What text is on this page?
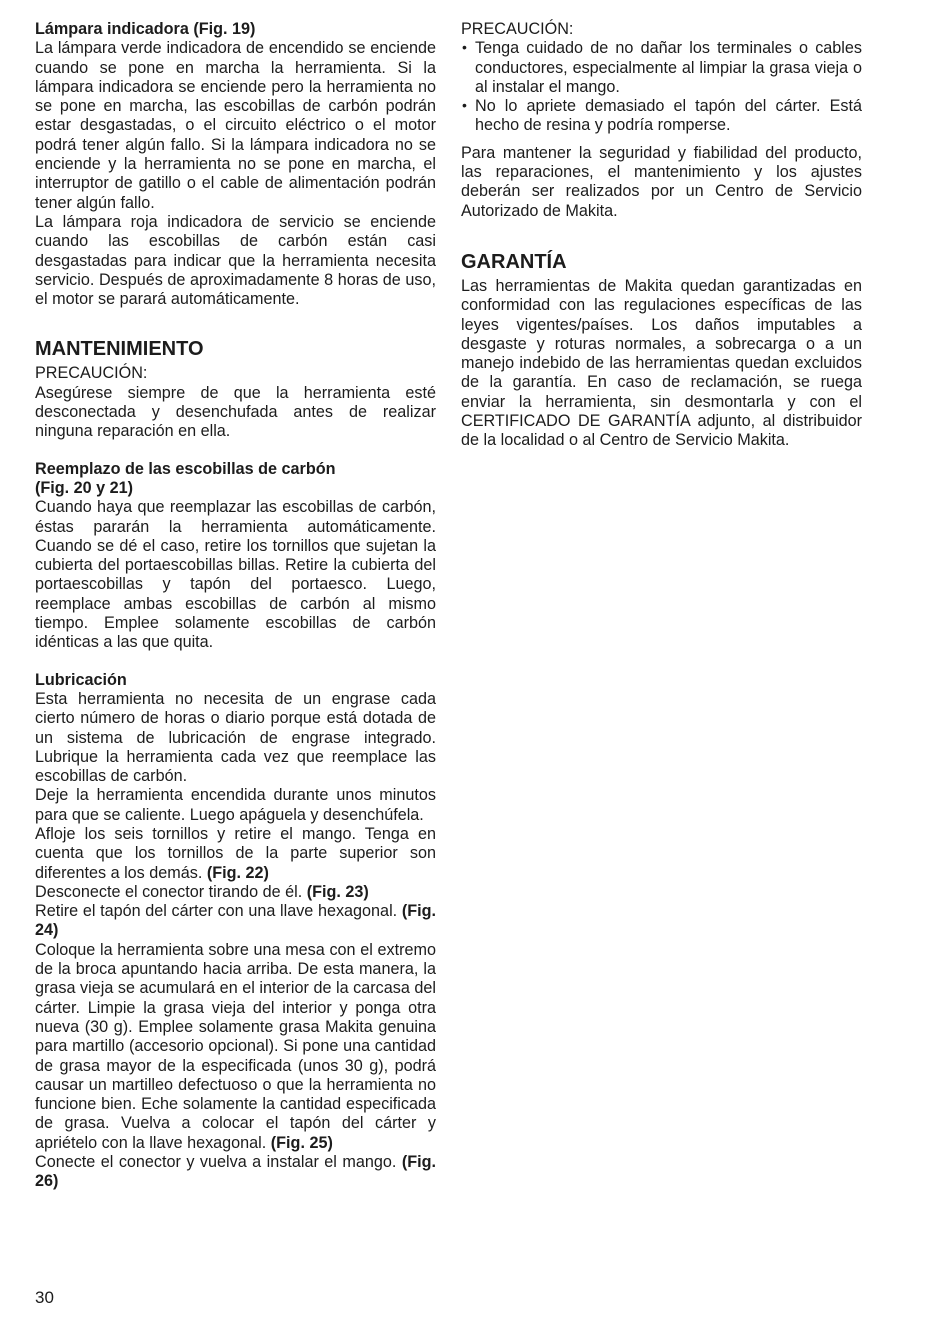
Lámpara indicadora (Fig. 19)

La lámpara verde indicadora de encendido se enciende cuando se pone en marcha la herramienta. Si la lámpara indicadora se enciende pero la herramienta no se pone en marcha, las escobillas de carbón podrán estar desgastadas, o el circuito eléctrico o el motor podrá tener algún fallo. Si la lámpara indicadora no se enciende y la herramienta no se pone en marcha, el interruptor de gatillo o el cable de alimentación podrán tener algún fallo.

La lámpara roja indicadora de servicio se enciende cuando las escobillas de carbón están casi desgastadas para indicar que la herramienta necesita servicio. Después de aproximadamente 8 horas de uso, el motor se parará automáticamente.

MANTENIMIENTO

PRECAUCIÓN:

Asegúrese siempre de que la herramienta esté desconectada y desenchufada antes de realizar ninguna reparación en ella.

Reemplazo de las escobillas de carbón

(Fig. 20 y 21)

Cuando haya que reemplazar las escobillas de carbón, éstas pararán la herramienta automáticamente. Cuando se dé el caso, retire los tornillos que sujetan la cubierta del portaescobillas billas. Retire la cubierta del portaescobillas y tapón del portaesco. Luego, reemplace ambas escobillas de carbón al mismo tiempo. Emplee solamente escobillas de carbón idénticas a las que quita.

Lubricación

Esta herramienta no necesita de un engrase cada cierto número de horas o diario porque está dotada de un sistema de lubricación de engrase integrado. Lubrique la herramienta cada vez que reemplace las escobillas de carbón.

Deje la herramienta encendida durante unos minutos para que se caliente. Luego apáguela y desenchúfela.

Afloje los seis tornillos y retire el mango. Tenga en cuenta que los tornillos de la parte superior son diferentes a los demás. (Fig. 22)

Desconecte el conector tirando de él. (Fig. 23)

Retire el tapón del cárter con una llave hexagonal. (Fig. 24)

Coloque la herramienta sobre una mesa con el extremo de la broca apuntando hacia arriba. De esta manera, la grasa vieja se acumulará en el interior de la carcasa del cárter. Limpie la grasa vieja del interior y ponga otra nueva (30 g). Emplee solamente grasa Makita genuina para martillo (accesorio opcional). Si pone una cantidad de grasa mayor de la especificada (unos 30 g), podrá causar un martilleo defectuoso o que la herramienta no funcione bien. Eche solamente la cantidad especificada de grasa. Vuelva a colocar el tapón del cárter y apriételo con la llave hexagonal. (Fig. 25)

Conecte el conector y vuelva a instalar el mango. (Fig. 26)

PRECAUCIÓN:

• Tenga cuidado de no dañar los terminales o cables conductores, especialmente al limpiar la grasa vieja o al instalar el mango.
• No lo apriete demasiado el tapón del cárter. Está hecho de resina y podría romperse.

Para mantener la seguridad y fiabilidad del producto, las reparaciones, el mantenimiento y los ajustes deberán ser realizados por un Centro de Servicio Autorizado de Makita.

GARANTÍA

Las herramientas de Makita quedan garantizadas en conformidad con las regulaciones específicas de las leyes vigentes/países. Los daños imputables a desgaste y roturas normales, a sobrecarga o a un manejo indebido de las herramientas quedan excluidos de la garantía. En caso de reclamación, se ruega enviar la herramienta, sin desmontarla y con el CERTIFICADO DE GARANTÍA adjunto, al distribuidor de la localidad o al Centro de Servicio Makita.

30
